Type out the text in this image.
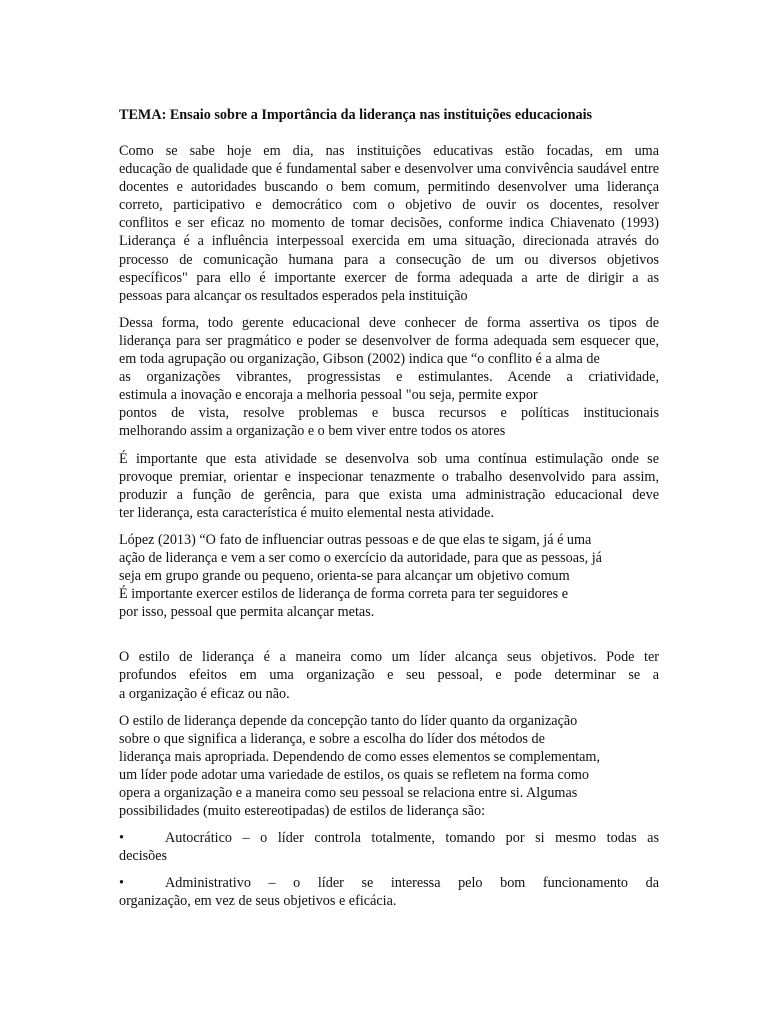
TEMA: Ensaio sobre a Importância da liderança nas instituições educacionais
Como se sabe hoje em dia, nas instituições educativas estão focadas, em uma
educação de qualidade que é fundamental saber e desenvolver uma convivência saudável entre
docentes e autoridades buscando o bem comum, permitindo desenvolver uma liderança
correto, participativo e democrático com o objetivo de ouvir os docentes, resolver
conflitos e ser eficaz no momento de tomar decisões, conforme indica Chiavenato (1993)
Liderança é a influência interpessoal exercida em uma situação, direcionada através do
processo de comunicação humana para a consecução de um ou diversos objetivos
específicos" para ello é importante exercer de forma adequada a arte de dirigir a as
pessoas para alcançar os resultados esperados pela instituição
Dessa forma, todo gerente educacional deve conhecer de forma assertiva os tipos de
liderança para ser pragmático e poder se desenvolver de forma adequada sem esquecer que,
em toda agrupação ou organização, Gibson (2002) indica que “o conflito é a alma de
as organizações vibrantes, progressistas e estimulantes. Acende a criatividade,
estimula a inovação e encoraja a melhoria pessoal "ou seja, permite expor
pontos de vista, resolve problemas e busca recursos e políticas institucionais
melhorando assim a organização e o bem viver entre todos os atores
É importante que esta atividade se desenvolva sob uma contínua estimulação onde se
provoque premiar, orientar e inspecionar tenazmente o trabalho desenvolvido para assim,
produzir a função de gerência, para que exista uma administração educacional deve
ter liderança, esta característica é muito elemental nesta atividade.
López (2013) “O fato de influenciar outras pessoas e de que elas te sigam, já é uma
ação de liderança e vem a ser como o exercício da autoridade, para que as pessoas, já
seja em grupo grande ou pequeno, orienta-se para alcançar um objetivo comum
É importante exercer estilos de liderança de forma correta para ter seguidores e
por isso, pessoal que permita alcançar metas.
O estilo de liderança é a maneira como um líder alcança seus objetivos. Pode ter
profundos efeitos em uma organização e seu pessoal, e pode determinar se a
a organização é eficaz ou não.
O estilo de liderança depende da concepção tanto do líder quanto da organização
sobre o que significa a liderança, e sobre a escolha do líder dos métodos de
liderança mais apropriada. Dependendo de como esses elementos se complementam,
um líder pode adotar uma variedade de estilos, os quais se refletem na forma como
opera a organização e a maneira como seu pessoal se relaciona entre si. Algumas
possibilidades (muito estereotipadas) de estilos de liderança são:
•	Autocrático – o líder controla totalmente, tomando por si mesmo todas as
decisões
•	Administrativo – o líder se interessa pelo bom funcionamento da
organização, em vez de seus objetivos e eficácia.
